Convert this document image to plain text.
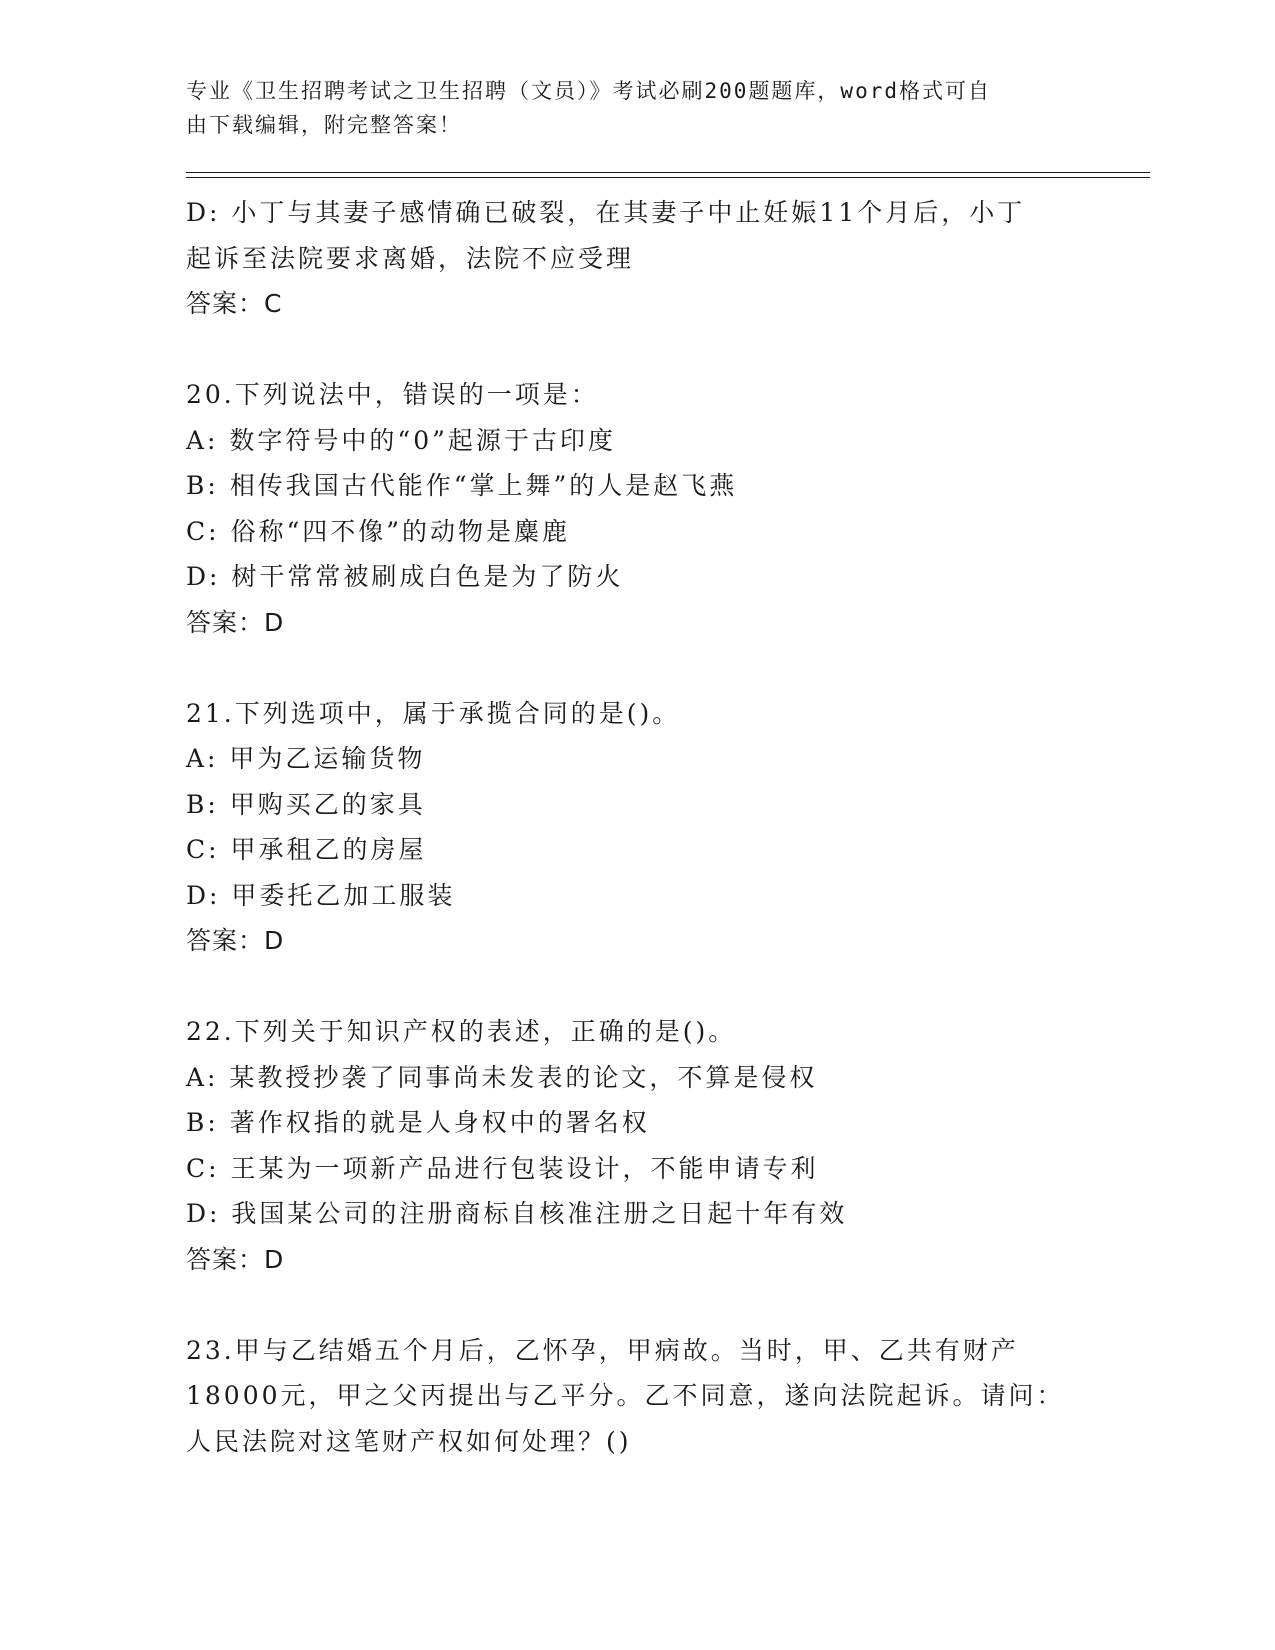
专业《卫生招聘考试之卫生招聘（文员）》考试必刷200题题库，word格式可自
由下载编辑，附完整答案！
D: 小丁与其妻子感情确已破裂，在其妻子中止妊娠11个月后，小丁
起诉至法院要求离婚，法院不应受理
答案：C
20.下列说法中，错误的一项是：
A: 数字符号中的“0”起源于古印度
B: 相传我国古代能作“掌上舞”的人是赵飞燕
C: 俗称“四不像”的动物是麋鹿
D: 树干常常被刷成白色是为了防火
答案：D
21.下列选项中，属于承揽合同的是()。
A: 甲为乙运输货物
B: 甲购买乙的家具
C: 甲承租乙的房屋
D: 甲委托乙加工服装
答案：D
22.下列关于知识产权的表述，正确的是()。
A: 某教授抄袭了同事尚未发表的论文，不算是侵权
B: 著作权指的就是人身权中的署名权
C: 王某为一项新产品进行包装设计，不能申请专利
D: 我国某公司的注册商标自核准注册之日起十年有效
答案：D
23.甲与乙结婚五个月后，乙怀孕，甲病故。当时，甲、乙共有财产
18000元，甲之父丙提出与乙平分。乙不同意，遂向法院起诉。请问：
人民法院对这笔财产权如何处理？()
